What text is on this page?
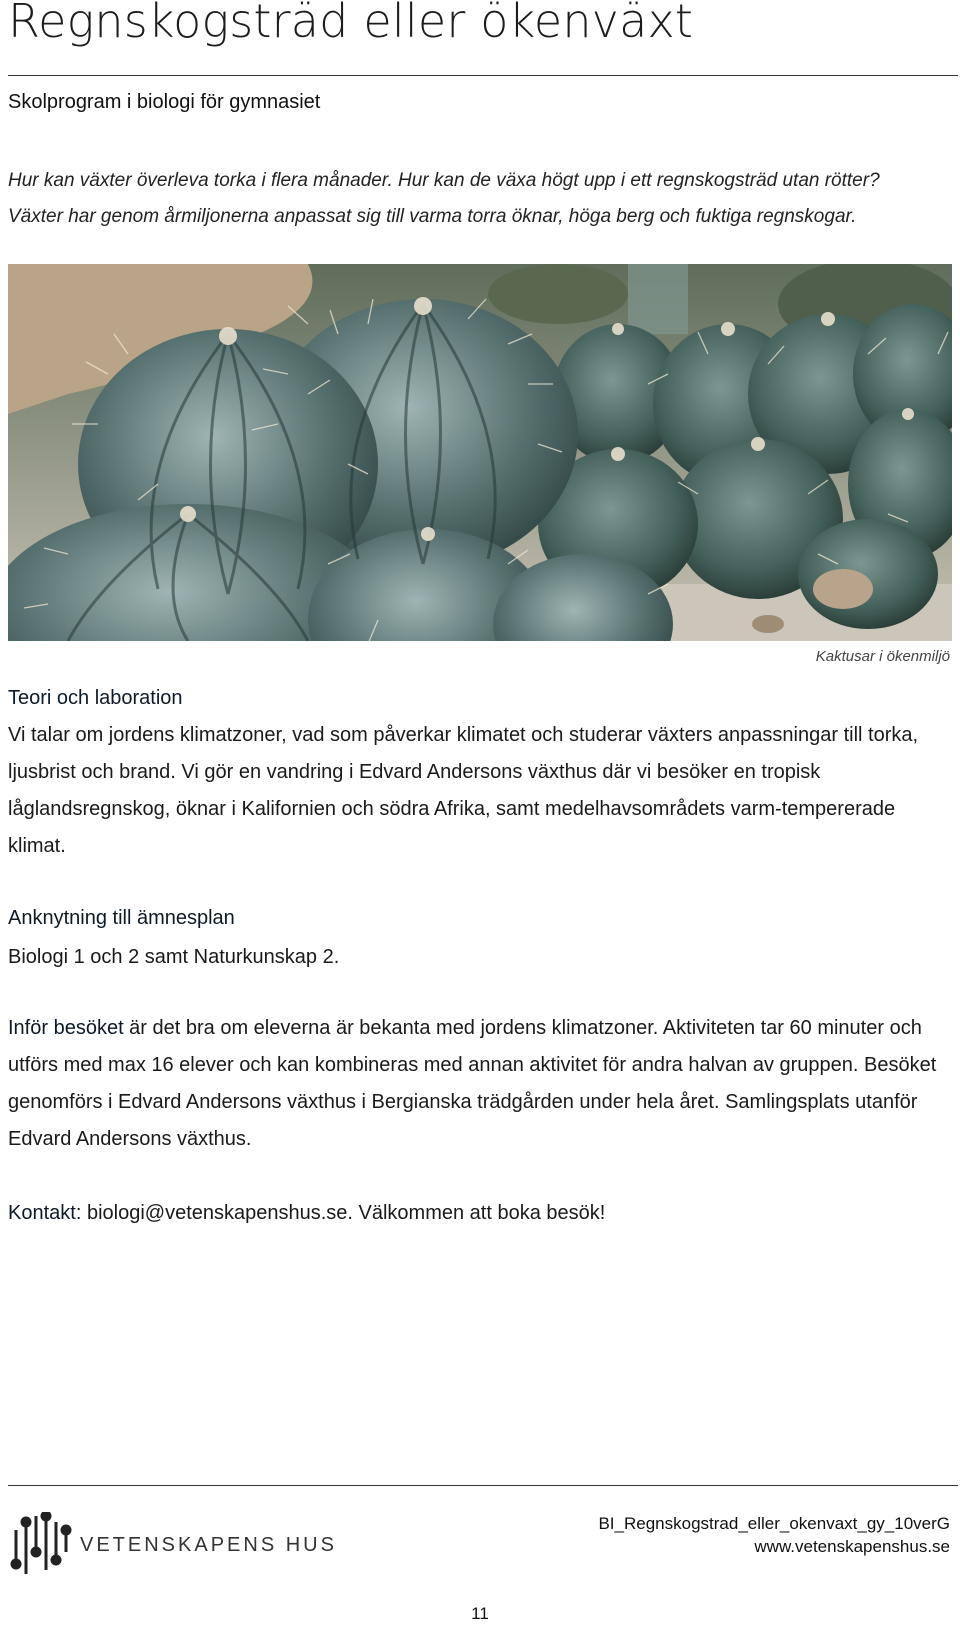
Regnskogsträd eller ökenväxt
Skolprogram i biologi för gymnasiet
Hur kan växter överleva torka i flera månader. Hur kan de växa högt upp i ett regnskogsträd utan rötter?
Växter har genom årmiljonerna anpassat sig till varma torra öknar, höga berg och fuktiga regnskogar.
Kaktusar i ökenmiljö
Teori och laboration
Vi talar om jordens klimatzoner, vad som påverkar klimatet och studerar växters anpassningar till torka, ljusbrist och brand. Vi gör en vandring i Edvard Andersons växthus där vi besöker en tropisk låglandsregnskog, öknar i Kalifornien och södra Afrika, samt medelhavsområdets varm-tempererade klimat.
Anknytning till ämnesplan
Biologi 1 och 2 samt Naturkunskap 2.
Inför besöket är det bra om eleverna är bekanta med jordens klimatzoner. Aktiviteten tar 60 minuter och utförs med max 16 elever och kan kombineras med annan aktivitet för andra halvan av gruppen. Besöket genomförs i Edvard Andersons växthus i Bergianska trädgården under hela året. Samlingsplats utanför Edvard Andersons växthus.
Kontakt: biologi@vetenskapenshus.se. Välkommen att boka besök!
VETENSKAPENS HUS
BI_Regnskogstrad_eller_okenvaxt_gy_10verG
www.vetenskapenshus.se
11
